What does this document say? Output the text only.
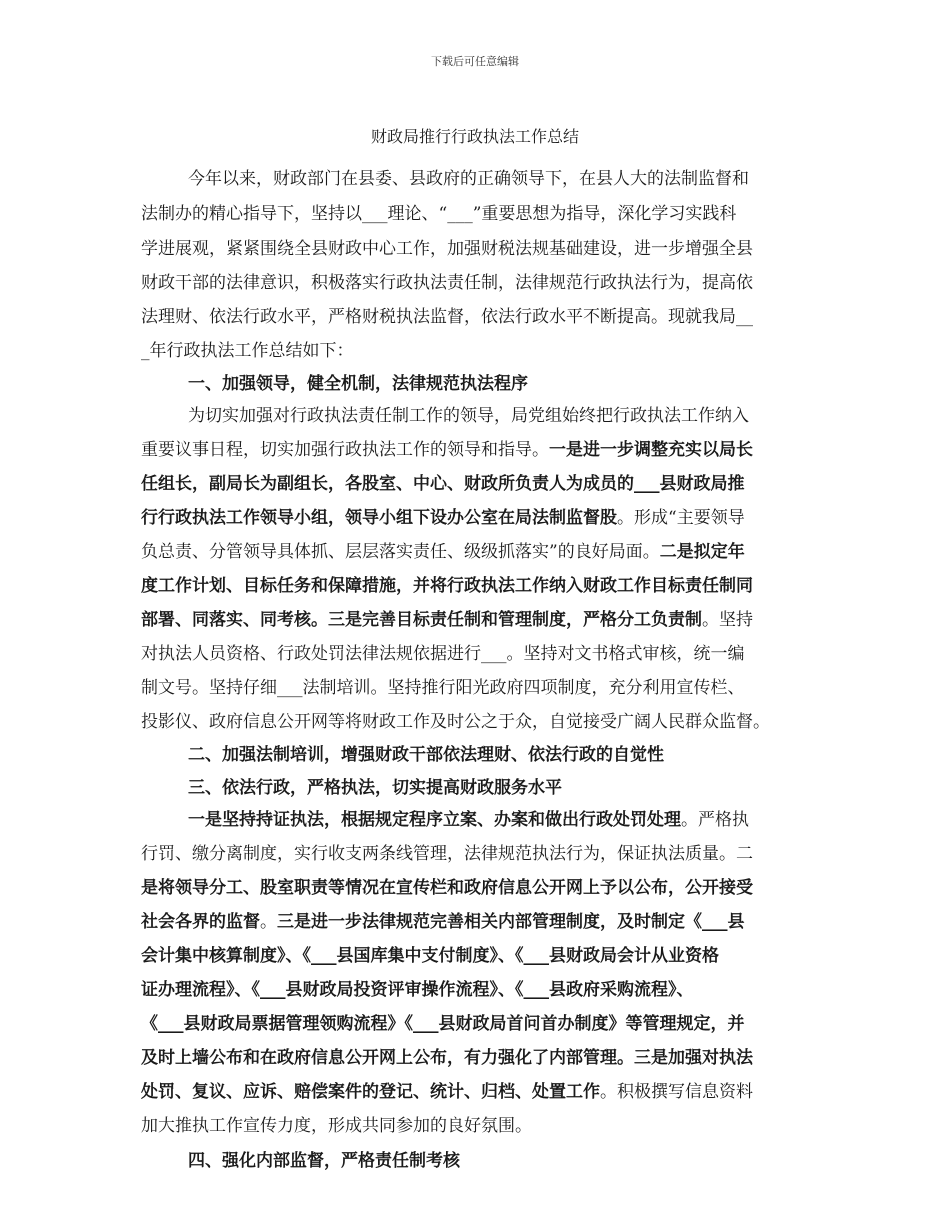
下载后可任意编辑
财政局推行行政执法工作总结
今年以来，财政部门在县委、县政府的正确领导下，在县人大的法制监督和
法制办的精心指导下，坚持以___理论、“___”重要思想为指导，深化学习实践科
学进展观，紧紧围绕全县财政中心工作，加强财税法规基础建设，进一步增强全县
财政干部的法律意识，积极落实行政执法责任制，法律规范行政执法行为，提高依
法理财、依法行政水平，严格财税执法监督，依法行政水平不断提高。现就我局__
_年行政执法工作总结如下：
一、加强领导，健全机制，法律规范执法程序
为切实加强对行政执法责任制工作的领导，局党组始终把行政执法工作纳入
重要议事日程，切实加强行政执法工作的领导和指导。一是进一步调整充实以局长
任组长，副局长为副组长，各股室、中心、财政所负责人为成员的___县财政局推
行行政执法工作领导小组，领导小组下设办公室在局法制监督股。形成“主要领导
负总责、分管领导具体抓、层层落实责任、级级抓落实”的良好局面。二是拟定年
度工作计划、目标任务和保障措施，并将行政执法工作纳入财政工作目标责任制同
部署、同落实、同考核。三是完善目标责任制和管理制度，严格分工负责制。坚持
对执法人员资格、行政处罚法律法规依据进行___。坚持对文书格式审核，统一编
制文号。坚持仔细___法制培训。坚持推行阳光政府四项制度，充分利用宣传栏、
投影仪、政府信息公开网等将财政工作及时公之于众，自觉接受广阔人民群众监督。
二、加强法制培训，增强财政干部依法理财、依法行政的自觉性
三、依法行政，严格执法，切实提高财政服务水平
一是坚持持证执法，根据规定程序立案、办案和做出行政处罚处理。严格执
行罚、缴分离制度，实行收支两条线管理，法律规范执法行为，保证执法质量。二
是将领导分工、股室职责等情况在宣传栏和政府信息公开网上予以公布，公开接受
社会各界的监督。三是进一步法律规范完善相关内部管理制度，及时制定《___县
会计集中核算制度》、《___县国库集中支付制度》、《___县财政局会计从业资格
证办理流程》、《___县财政局投资评审操作流程》、《___县政府采购流程》、
《___县财政局票据管理领购流程》《___县财政局首问首办制度》等管理规定，并
及时上墙公布和在政府信息公开网上公布，有力强化了内部管理。三是加强对执法
处罚、复议、应诉、赔偿案件的登记、统计、归档、处置工作。积极撰写信息资料
加大推执工作宣传力度，形成共同参加的良好氛围。
四、强化内部监督，严格责任制考核
